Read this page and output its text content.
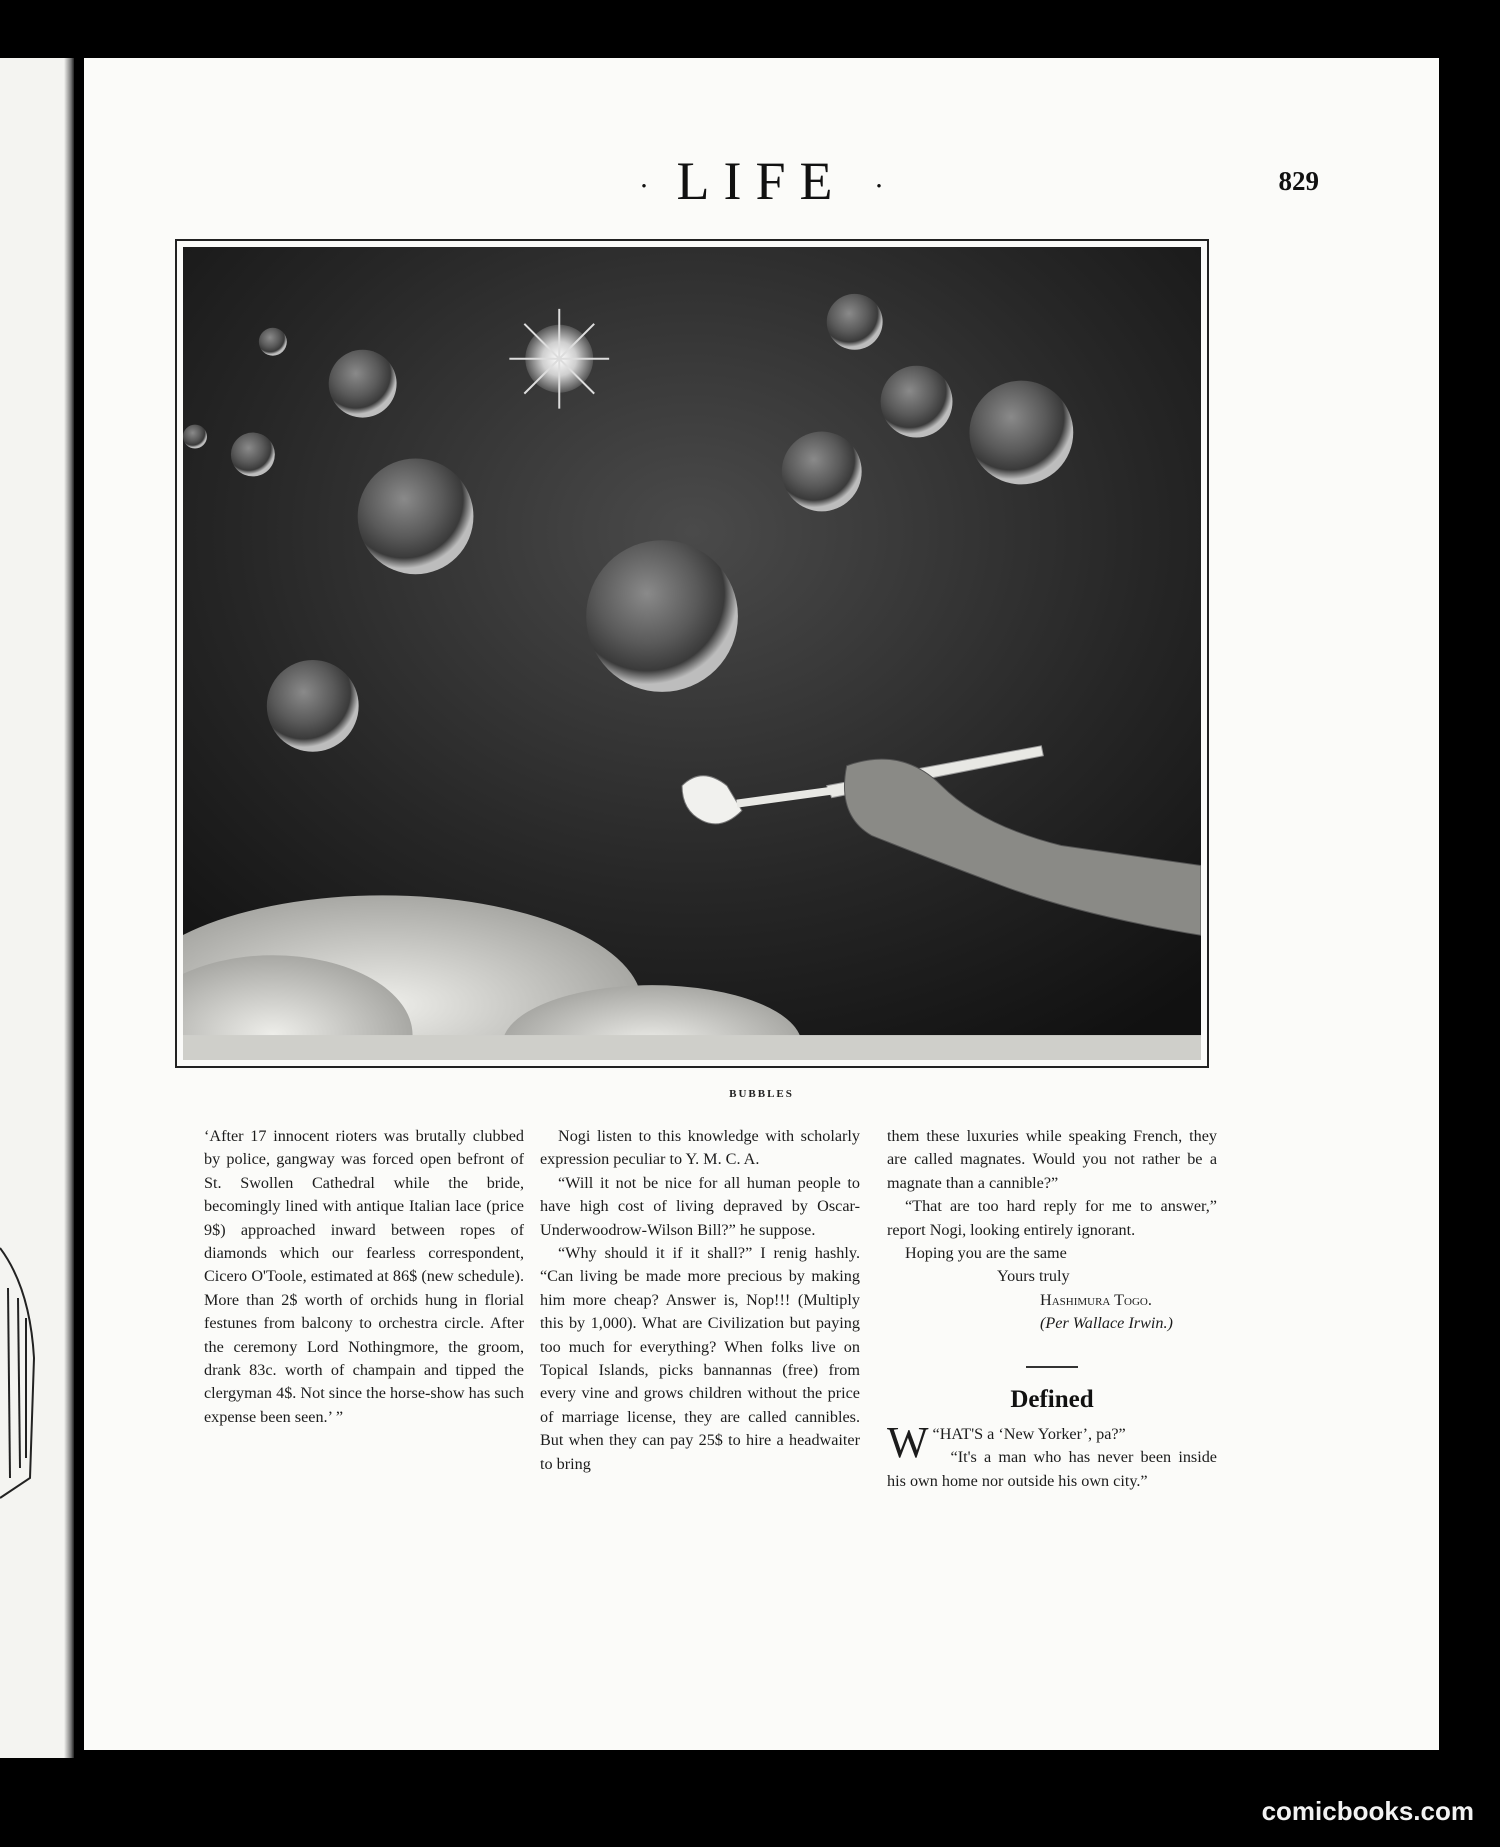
· LIFE ·	829
BUBBLES

‘After 17 innocent rioters was brutally clubbed by police, gangway was forced open befront of St. Swollen Cathedral while the bride, becomingly lined with antique Italian lace (price 9$) approached inward between ropes of diamonds which our fearless correspondent, Cicero O'Toole, estimated at 86$ (new schedule). More than 2$ worth of orchids hung in florial festunes from balcony to orchestra circle. After the ceremony Lord Nothingmore, the groom, drank 83c. worth of champain and tipped the clergyman 4$. Not since the horse-show has such expense been seen.’ ”

Nogi listen to this knowledge with scholarly expression peculiar to Y. M. C. A.

“Will it not be nice for all human people to have high cost of living depraved by Oscar-Underwoodrow-Wilson Bill?” he suppose.

“Why should it if it shall?” I renig hashly. “Can living be made more precious by making him more cheap? Answer is, Nop!!! (Multiply this by 1,000). What are Civilization but paying too much for everything? When folks live on Topical Islands, picks bannannas (free) from every vine and grows children without the price of marriage license, they are called cannibles. But when they can pay 25$ to hire a headwaiter to bring

them these luxuries while speaking French, they are called magnates. Would you not rather be a magnate than a cannible?”

“That are too hard reply for me to answer,” report Nogi, looking entirely ignorant.

Hoping you are the same

Yours truly

Hashimura Togo.

(Per Wallace Irwin.)

Defined

“
W HAT'S a ‘New Yorker’, pa?”

“It's a man who has never been inside his own home nor outside his own city.”

comicbooks.com
